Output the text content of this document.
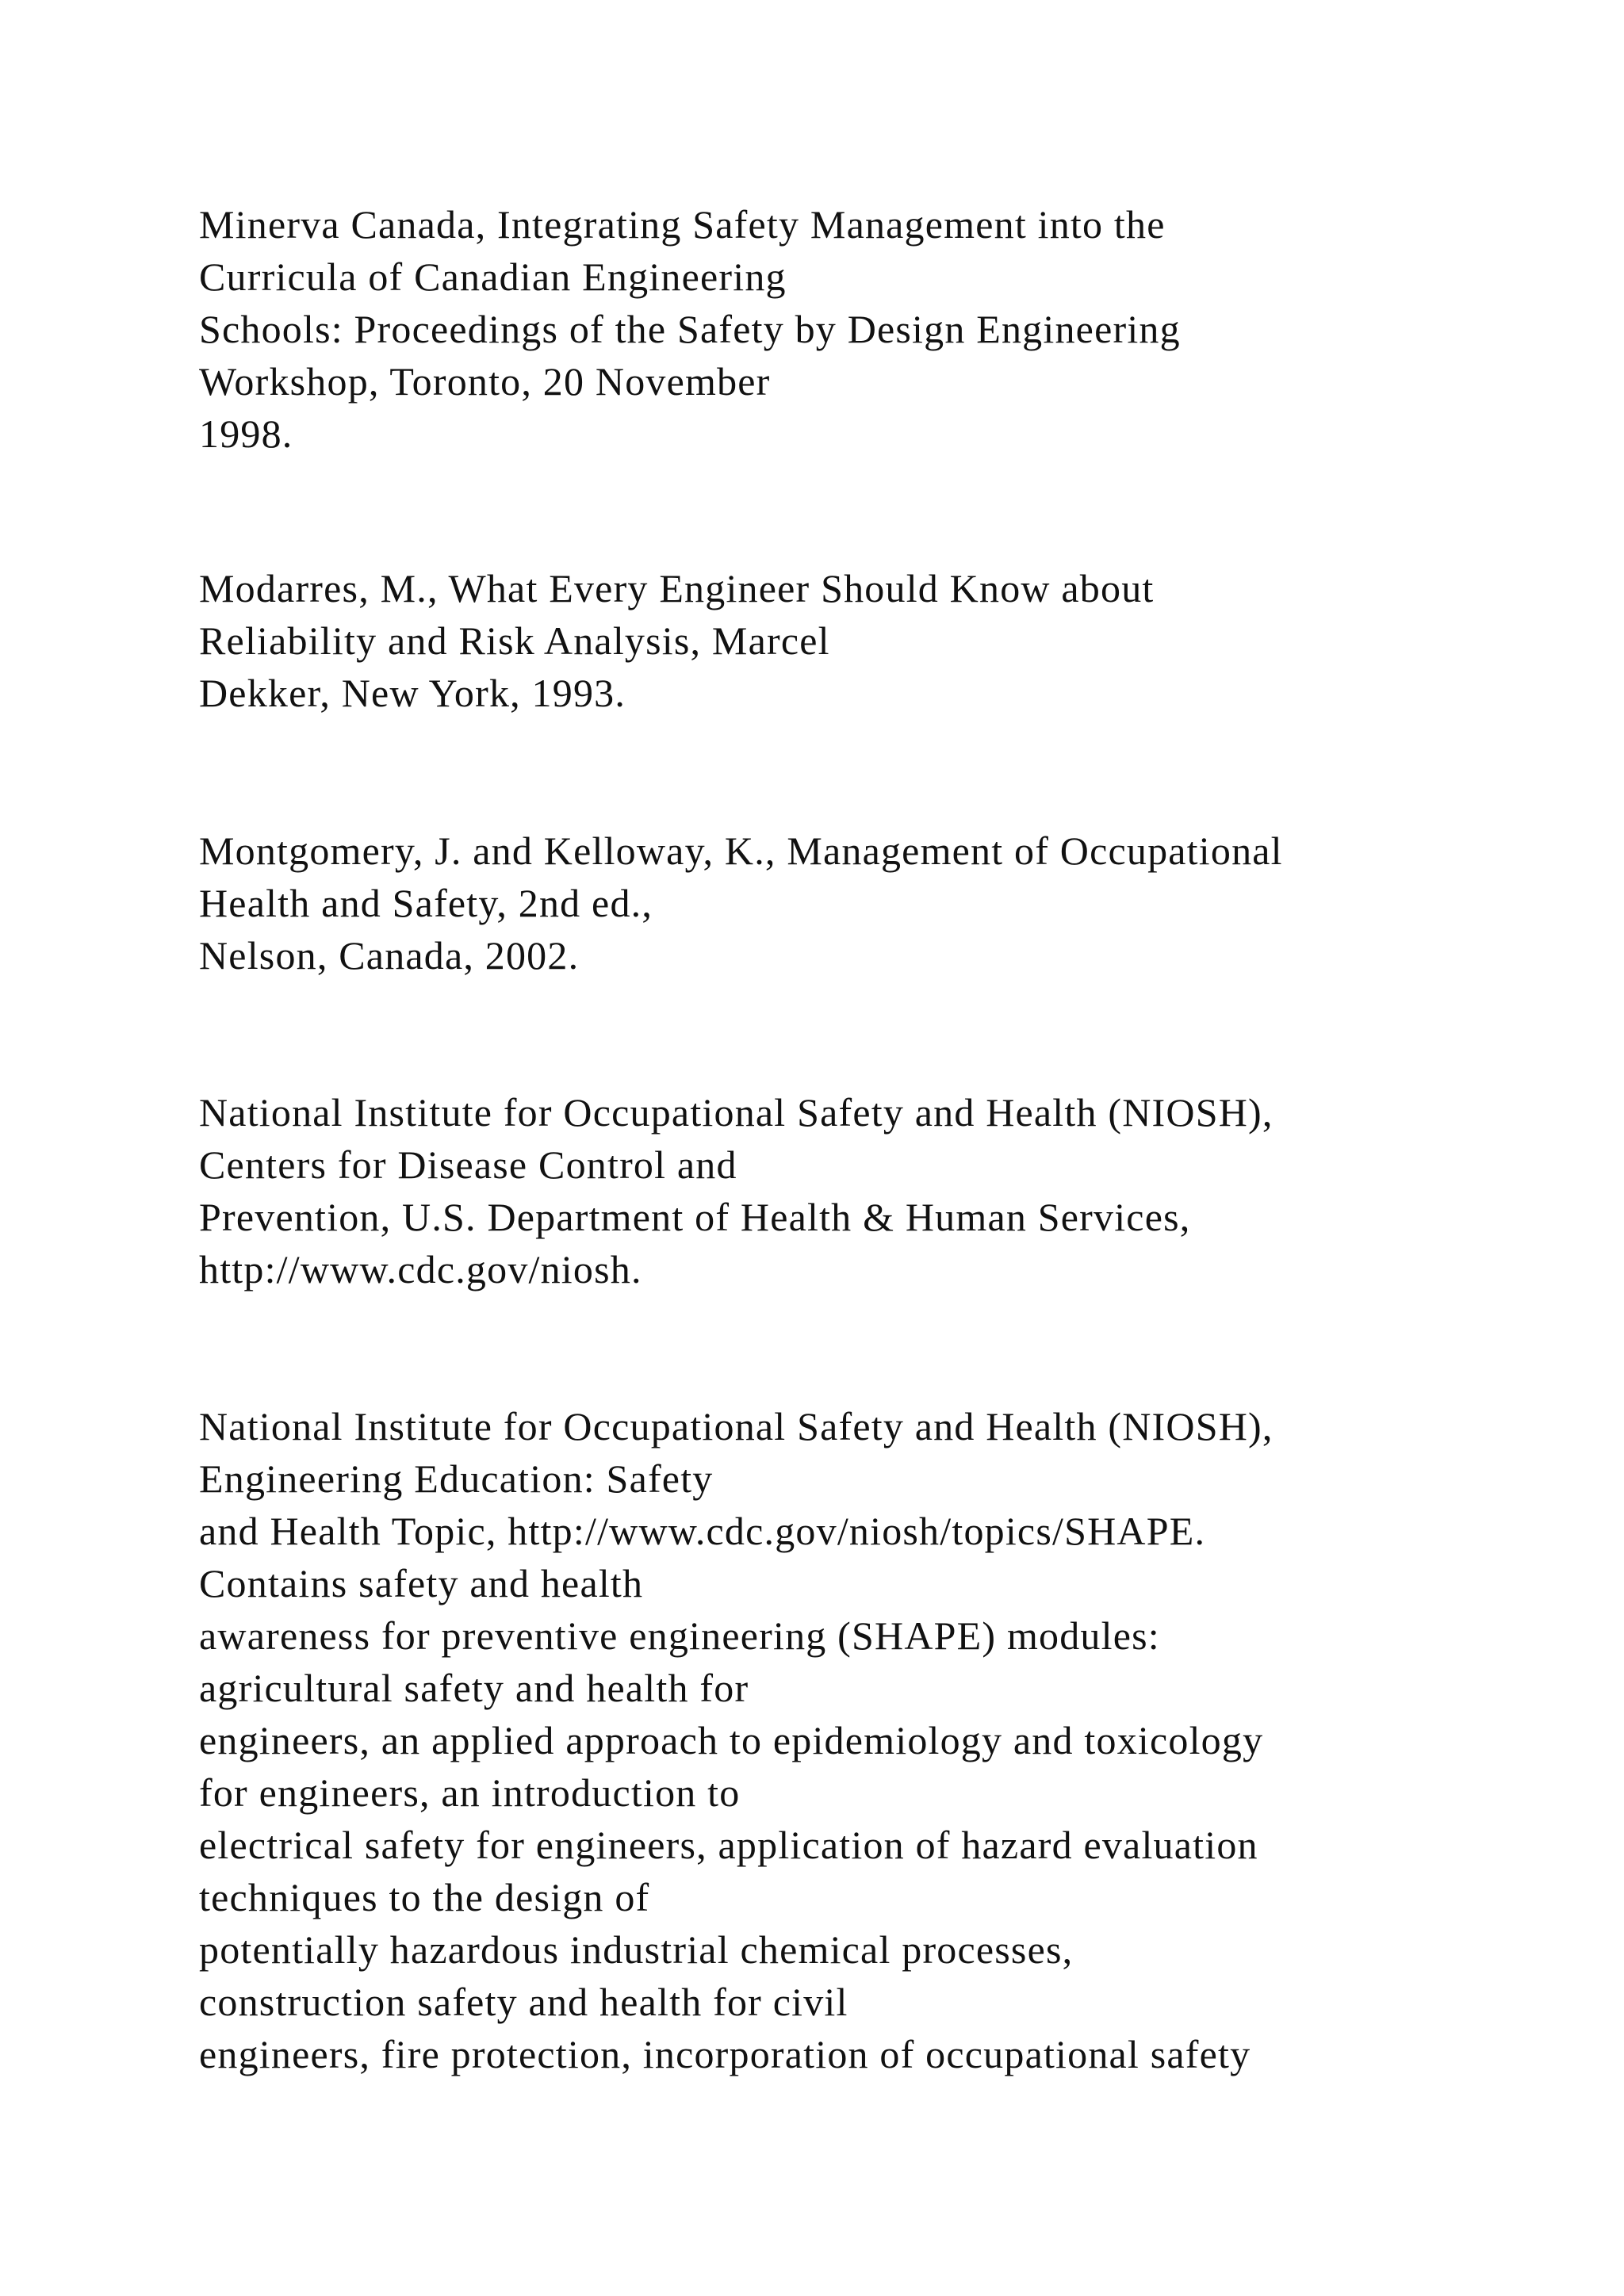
Minerva Canada, Integrating Safety Management into the
Curricula of Canadian Engineering
Schools: Proceedings of the Safety by Design Engineering
Workshop, Toronto, 20 November
1998.
Modarres, M., What Every Engineer Should Know about
Reliability and Risk Analysis, Marcel
Dekker, New York, 1993.
Montgomery, J. and Kelloway, K., Management of Occupational
Health and Safety, 2nd ed.,
Nelson, Canada, 2002.
National Institute for Occupational Safety and Health (NIOSH),
Centers for Disease Control and
Prevention, U.S. Department of Health & Human Services,
http://www.cdc.gov/niosh.
National Institute for Occupational Safety and Health (NIOSH),
Engineering Education: Safety
and Health Topic, http://www.cdc.gov/niosh/topics/SHAPE.
Contains safety and health
awareness for preventive engineering (SHAPE) modules:
agricultural safety and health for
engineers, an applied approach to epidemiology and toxicology
for engineers, an introduction to
electrical safety for engineers, application of hazard evaluation
techniques to the design of
potentially hazardous industrial chemical processes,
construction safety and health for civil
engineers, fire protection, incorporation of occupational safety
